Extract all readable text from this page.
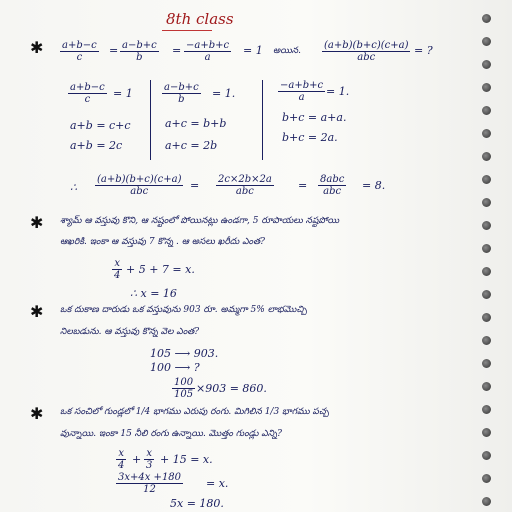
8th class
✱ $\frac{a+b-c}{c} = \frac{a-b+c}{b} = \frac{-a+b+c}{a} = 1$ అయిన. (a+b)(b+c)(c+a)
abc
= ?
$\frac{a+b-c}{c} = 1$
a+b = c+c
a+b = 2c
$\frac{a-b+c}{b} = 1$.
a+c = b+b
a+c = 2b
$\frac{-a+b+c}{a} = 1$.
b+c = a+a.
b+c = 2a.
∴
(a+b)(b+c)(c+a)
abc	= 2c×2b×2a
abc	= 8abc
abc = 8.
✱ శ్యామ్ ఆ వస్తువు కొని, ఆ నష్టంలో పోయినట్లు ఉండగా, 5 రూపాయలు నష్టపోయి
ఆఖరికి. ఇంకా ఆ వస్తువు 7 కొన్న . ఆ అసలు ఖరీదు ఎంత?
$\frac{x}{4} + 5 + 7 = x$.
∴ x = 16
✱ ఒక దుకాణ దారుడు ఒక వస్తువును 903 రూ. అమ్మగా 5% లాభమొచ్చి
నిలబడును. ఆ వస్తువు కొన్న వెల ఎంత?
105 ⟶ 903.
100 ⟶ ?
$\frac{100}{105} \times 903 = 860$.
✱ ఒక సంచిలో గుండ్లలో 1/4 భాగము ఎరుపు రంగు. మిగిలిన 1/3 భాగము పచ్చ
వున్నాయి. ఇంకా 15 నీలి రంగు ఉన్నాయి. మొత్తం గుండ్లు ఎన్ని?
$\frac{x}{4} + \frac{x}{3} + 15 = x$.
$\frac{3x+4x +180}{12} = x$.
5x = 180.
